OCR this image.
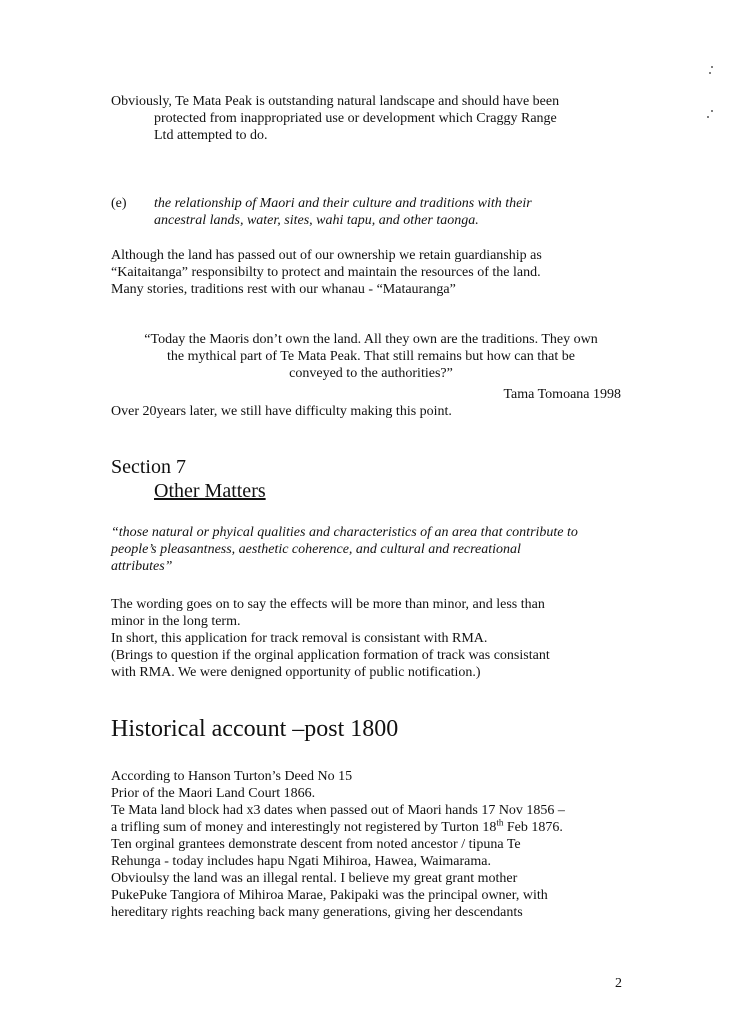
Obviously, Te Mata Peak is outstanding natural landscape and should have been
protected from inappropriated use or development which Craggy Range
Ltd attempted to do.
(e) the relationship of Maori and their culture and traditions with their
ancestral lands, water, sites, wahi tapu, and other taonga.
Although the land has passed out of our ownership we retain guardianship as
“Kaitaitanga” responsibilty to protect and maintain the resources of the land.
Many stories, traditions rest with our whanau - “Matauranga”
“Today the Maoris don’t own the land. All they own are the traditions. They own
the mythical part of Te Mata Peak. That still remains but how can that be
conveyed to the authorities?”
Tama Tomoana 1998
Over 20years later, we still have difficulty making this point.
Section 7
Other Matters
“those natural or phyical qualities and characteristics of an area that contribute to
people’s pleasantness, aesthetic coherence, and cultural and recreational
attributes”
The wording goes on to say the effects will be more than minor, and less than
minor in the long term.
In short, this application for track removal is consistant with RMA.
(Brings to question if the orginal application formation of track was consistant
with RMA. We were denigned opportunity of public notification.)
Historical account –post 1800
According to Hanson Turton’s Deed No 15
Prior of the Maori Land Court 1866.
Te Mata land block had x3 dates when passed out of Maori hands 17 Nov 1856 –
a trifling sum of money and interestingly not registered by Turton 18th Feb 1876.
Ten orginal grantees demonstrate descent from noted ancestor / tipuna Te
Rehunga - today includes hapu Ngati Mihiroa, Hawea, Waimarama.
Obvioulsy the land was an illegal rental. I believe my great grant mother
PukePuke Tangiora of Mihiroa Marae, Pakipaki was the principal owner, with
hereditary rights reaching back many generations, giving her descendants
2
